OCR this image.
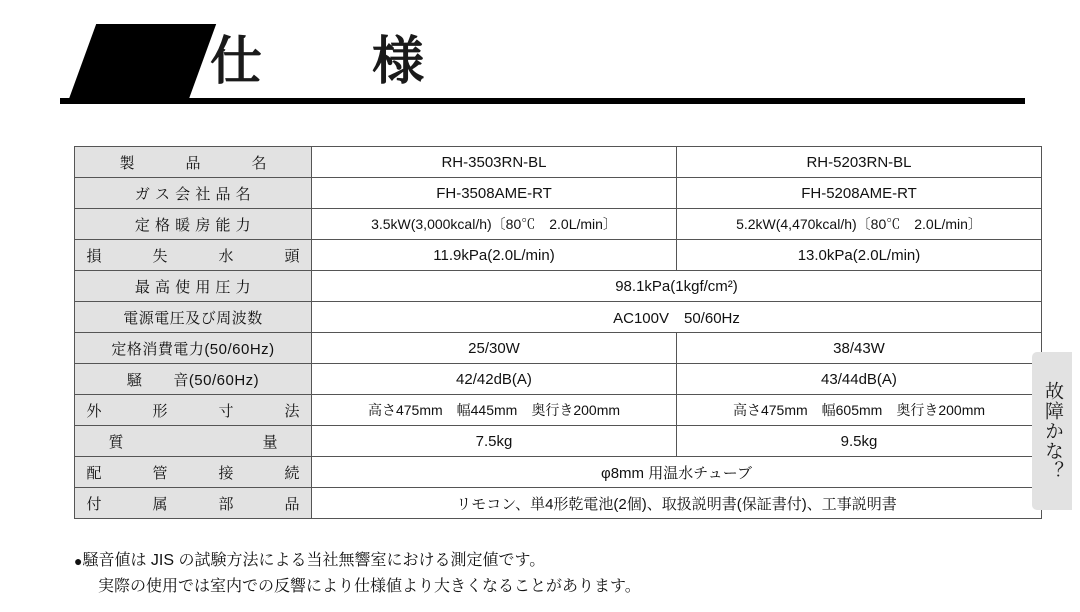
仕　　様
製　　品　　名	RH-3503RN-BL	RH-5203RN-BL
ガ ス 会 社 品 名	FH-3508AME-RT	FH-5208AME-RT
定 格 暖 房 能 力	3.5kW(3,000kcal/h)〔80℃　2.0L/min〕	5.2kW(4,470kcal/h)〔80℃　2.0L/min〕
損　　失　　水　　頭	11.9kPa(2.0L/min)	13.0kPa(2.0L/min)
最 高 使 用 圧 力	98.1kPa(1kgf/cm²)	
電源電圧及び周波数	AC100V　50/60Hz	
定格消費電力(50/60Hz)	25/30W	38/43W
騒　　音(50/60Hz)	42/42dB(A)	43/44dB(A)
外　　形　　寸　　法	高さ475mm　幅445mm　奥行き200mm	高さ475mm　幅605mm　奥行き200mm
質　　　　　　量	7.5kg	9.5kg
配　　管　　接　　続	φ8mm 用温水チューブ	
付　　属　　部　　品	リモコン、単4形乾電池(2個)、取扱説明書(保証書付)、工事説明書	

●騒音値は JIS の試験方法による当社無響室における測定値です。

実際の使用では室内での反響により仕様値より大きくなることがあります。

故障かな？
